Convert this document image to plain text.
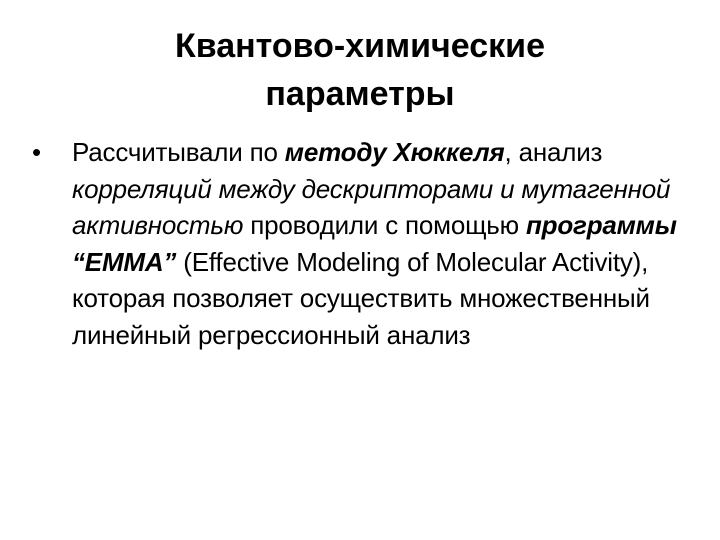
Квантово-химические
параметры
• Рассчитывали по методу Хюккеля, анализ корреляций между дескрипторами и мутагенной активностью проводили с помощью программы “EMMA” (Effective Modeling of Molecular Activity), которая позволяет осуществить множественный линейный регрессионный анализ
